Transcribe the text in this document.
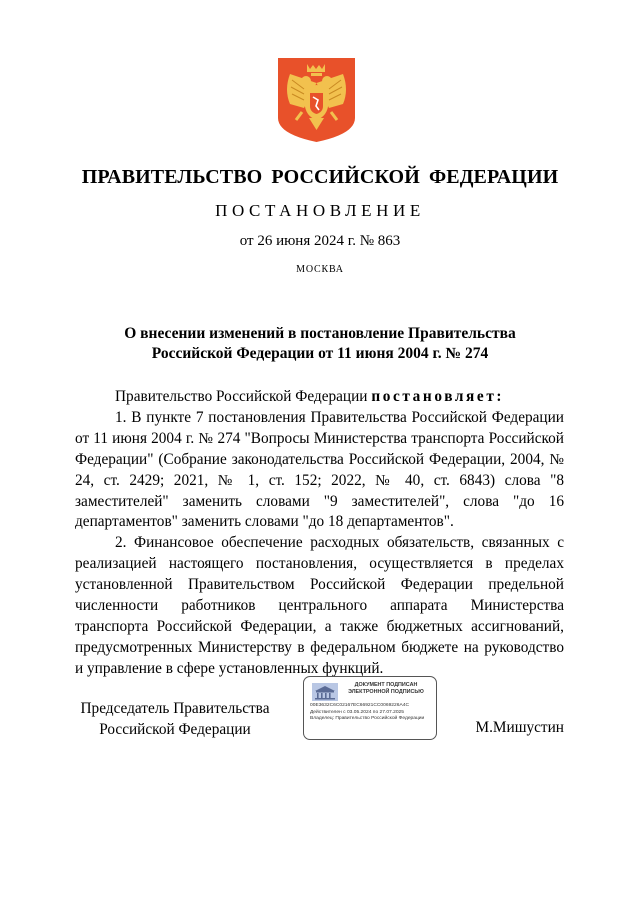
ПРАВИТЕЛЬСТВО РОССИЙСКОЙ ФЕДЕРАЦИИ
ПОСТАНОВЛЕНИЕ
от 26 июня 2024 г. № 863
МОСКВА
О внесении изменений в постановление Правительства
Российской Федерации от 11 июня 2004 г. № 274

Правительство Российской Федерации постановляет:

1. В пункте 7 постановления Правительства Российской Федерации от 11 июня 2004 г. № 274 "Вопросы Министерства транспорта Российской Федерации" (Собрание законодательства Российской Федерации, 2004, № 24, ст. 2429; 2021, № 1, ст. 152; 2022, № 40, ст. 6843) слова "8 заместителей" заменить словами "9 заместителей", слова "до 16 департаментов" заменить словами "до 18 департаментов".

2. Финансовое обеспечение расходных обязательств, связанных с реализацией настоящего постановления, осуществляется в пределах установленной Правительством Российской Федерации предельной численности работников центрального аппарата Министерства транспорта Российской Федерации, а также бюджетных ассигнований, предусмотренных Министерству в федеральном бюджете на руководство и управление в сфере установленных функций.

Председатель Правительства
Российской Федерации
ДОКУМЕНТ ПОДПИСАН
ЭЛЕКТРОННОЙ ПОДПИСЬЮ
00E3632C6C02167EC66921CC0069226A4C
Действителен с 03.05.2024 по 27.07.2025
Владелец: Правительство Российской Федерации
М.Мишустин
